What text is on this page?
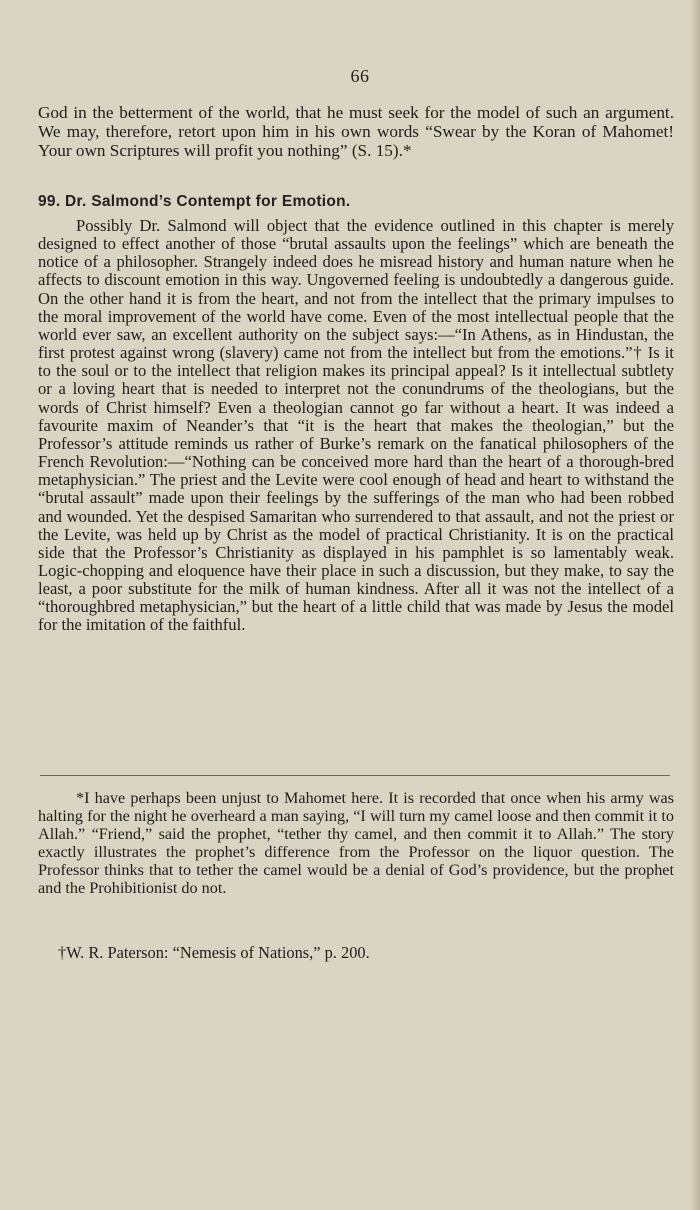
66

God in the betterment of the world, that he must seek for the model of such an argument. We may, therefore, retort upon him in his own words “Swear by the Koran of Mahomet! Your own Scriptures will profit you nothing” (S. 15).*

99. Dr. Salmond’s Contempt for Emotion.

Possibly Dr. Salmond will object that the evidence outlined in this chapter is merely designed to effect another of those “brutal assaults upon the feelings” which are beneath the notice of a philosopher. Strangely indeed does he misread history and human nature when he affects to discount emotion in this way. Ungoverned feeling is undoubtedly a dangerous guide. On the other hand it is from the heart, and not from the intellect that the primary impulses to the moral improvement of the world have come. Even of the most intellectual people that the world ever saw, an excellent authority on the subject says:—“In Athens, as in Hindustan, the first protest against wrong (slavery) came not from the intellect but from the emotions.”† Is it to the soul or to the intellect that religion makes its principal appeal? Is it intellectual subtlety or a loving heart that is needed to interpret not the conundrums of the theologians, but the words of Christ himself? Even a theologian cannot go far without a heart. It was indeed a favourite maxim of Neander’s that “it is the heart that makes the theologian,” but the Professor’s attitude reminds us rather of Burke’s remark on the fanatical philosophers of the French Revolution:—“Nothing can be conceived more hard than the heart of a thorough-bred metaphysician.” The priest and the Levite were cool enough of head and heart to withstand the “brutal assault” made upon their feelings by the sufferings of the man who had been robbed and wounded. Yet the despised Samaritan who surrendered to that assault, and not the priest or the Levite, was held up by Christ as the model of practical Christianity. It is on the practical side that the Professor’s Christianity as displayed in his pamphlet is so lamentably weak. Logic-chopping and eloquence have their place in such a discussion, but they make, to say the least, a poor substitute for the milk of human kindness. After all it was not the intellect of a “thoroughbred metaphysician,” but the heart of a little child that was made by Jesus the model for the imitation of the faithful.

*I have perhaps been unjust to Mahomet here. It is recorded that once when his army was halting for the night he overheard a man saying, “I will turn my camel loose and then commit it to Allah.” “Friend,” said the prophet, “tether thy camel, and then commit it to Allah.” The story exactly illustrates the prophet’s difference from the Professor on the liquor question. The Professor thinks that to tether the camel would be a denial of God’s providence, but the prophet and the Prohibitionist do not.

†W. R. Paterson: “Nemesis of Nations,” p. 200.
